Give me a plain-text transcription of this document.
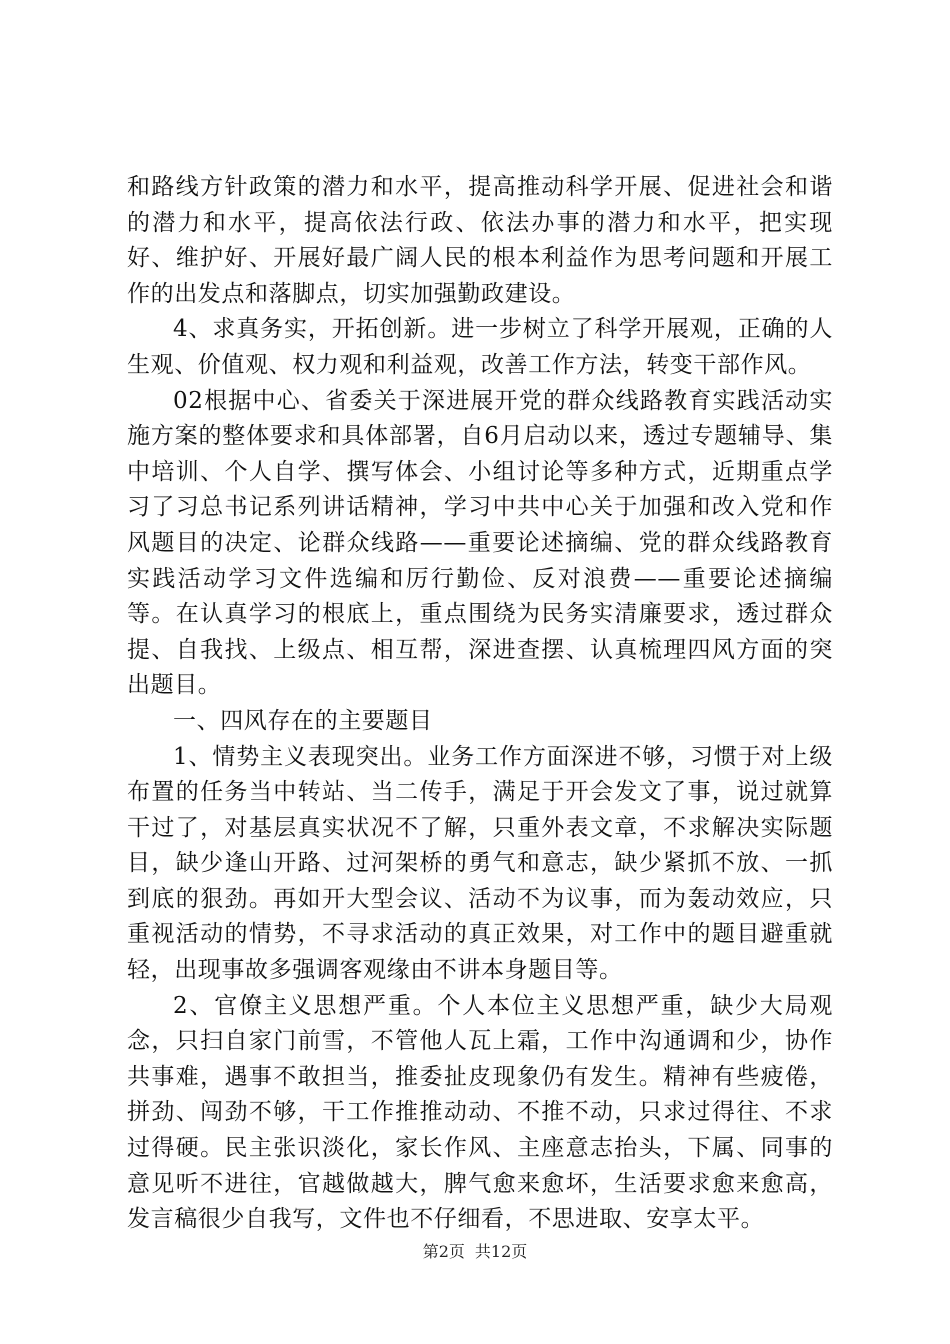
和路线方针政策的潜力和水平，提高推动科学开展、促进社会和谐的潜力和水平，提高依法行政、依法办事的潜力和水平，把实现好、维护好、开展好最广阔人民的根本利益作为思考问题和开展工作的出发点和落脚点，切实加强勤政建设。

4、求真务实，开拓创新。进一步树立了科学开展观，正确的人生观、价值观、权力观和利益观，改善工作方法，转变干部作风。

02根据中心、省委关于深进展开党的群众线路教育实践活动实施方案的整体要求和具体部署，自6月启动以来，透过专题辅导、集中培训、个人自学、撰写体会、小组讨论等多种方式，近期重点学习了习总书记系列讲话精神，学习中共中心关于加强和改入党和作风题目的决定、论群众线路——重要论述摘编、党的群众线路教育实践活动学习文件选编和厉行勤俭、反对浪费——重要论述摘编等。在认真学习的根底上，重点围绕为民务实清廉要求，透过群众提、自我找、上级点、相互帮，深进查摆、认真梳理四风方面的突出题目。

一、四风存在的主要题目

1、情势主义表现突出。业务工作方面深进不够，习惯于对上级布置的任务当中转站、当二传手，满足于开会发文了事，说过就算干过了，对基层真实状况不了解，只重外表文章，不求解决实际题目，缺少逢山开路、过河架桥的勇气和意志，缺少紧抓不放、一抓到底的狠劲。再如开大型会议、活动不为议事，而为轰动效应，只重视活动的情势，不寻求活动的真正效果，对工作中的题目避重就轻，出现事故多强调客观缘由不讲本身题目等。

2、官僚主义思想严重。个人本位主义思想严重，缺少大局观念，只扫自家门前雪，不管他人瓦上霜，工作中沟通调和少，协作共事难，遇事不敢担当，推委扯皮现象仍有发生。精神有些疲倦，拼劲、闯劲不够，干工作推推动动、不推不动，只求过得往、不求过得硬。民主张识淡化，家长作风、主座意志抬头，下属、同事的意见听不进往，官越做越大，脾气愈来愈坏，生活要求愈来愈高，发言稿很少自我写，文件也不仔细看，不思进取、安享太平。

第2页 共12页
